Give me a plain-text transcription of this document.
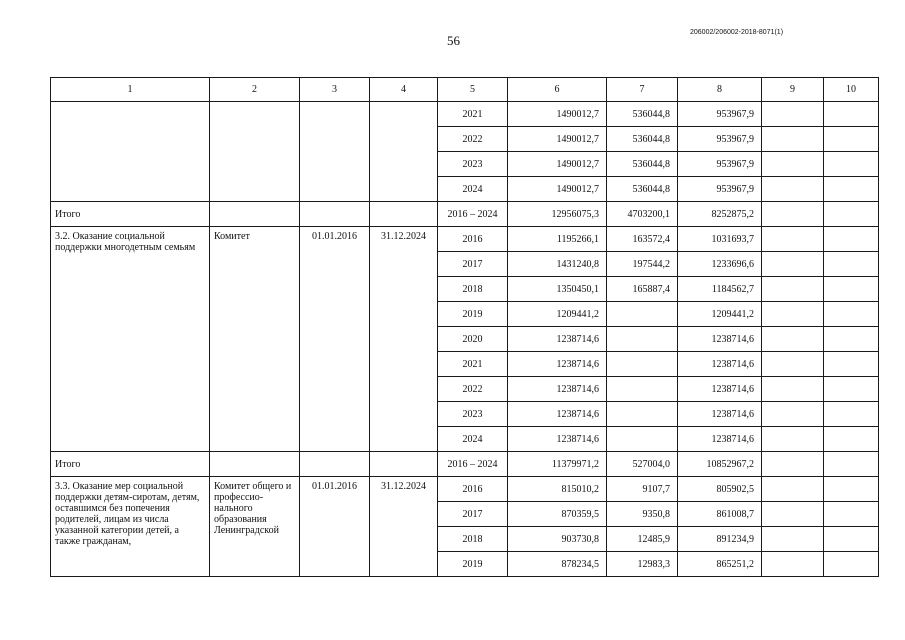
56
206002/206002-2018-8071(1)
1	2	3	4	5	6	7	8	9	10
				2021	1490012,7	536044,8	953967,9		
				2022	1490012,7	536044,8	953967,9		
				2023	1490012,7	536044,8	953967,9		
				2024	1490012,7	536044,8	953967,9		
Итого				2016 – 2024	12956075,3	4703200,1	8252875,2		
3.2. Оказание социальной поддержки многодетным семьям	Комитет	01.01.2016	31.12.2024	2016	1195266,1	163572,4	1031693,7		
				2017	1431240,8	197544,2	1233696,6		
				2018	1350450,1	165887,4	1184562,7		
				2019	1209441,2		1209441,2		
				2020	1238714,6		1238714,6		
				2021	1238714,6		1238714,6		
				2022	1238714,6		1238714,6		
				2023	1238714,6		1238714,6		
				2024	1238714,6		1238714,6		
Итого				2016 – 2024	11379971,2	527004,0	10852967,2		
3.3. Оказание мер социальной поддержки детям-сиротам, детям, оставшимся без попечения родителей, лицам из числа указанной категории детей, а также гражданам,	Комитет общего и профессио-нального образования Ленинградской	01.01.2016	31.12.2024	2016	815010,2	9107,7	805902,5		
				2017	870359,5	9350,8	861008,7		
				2018	903730,8	12485,9	891234,9		
				2019	878234,5	12983,3	865251,2		
